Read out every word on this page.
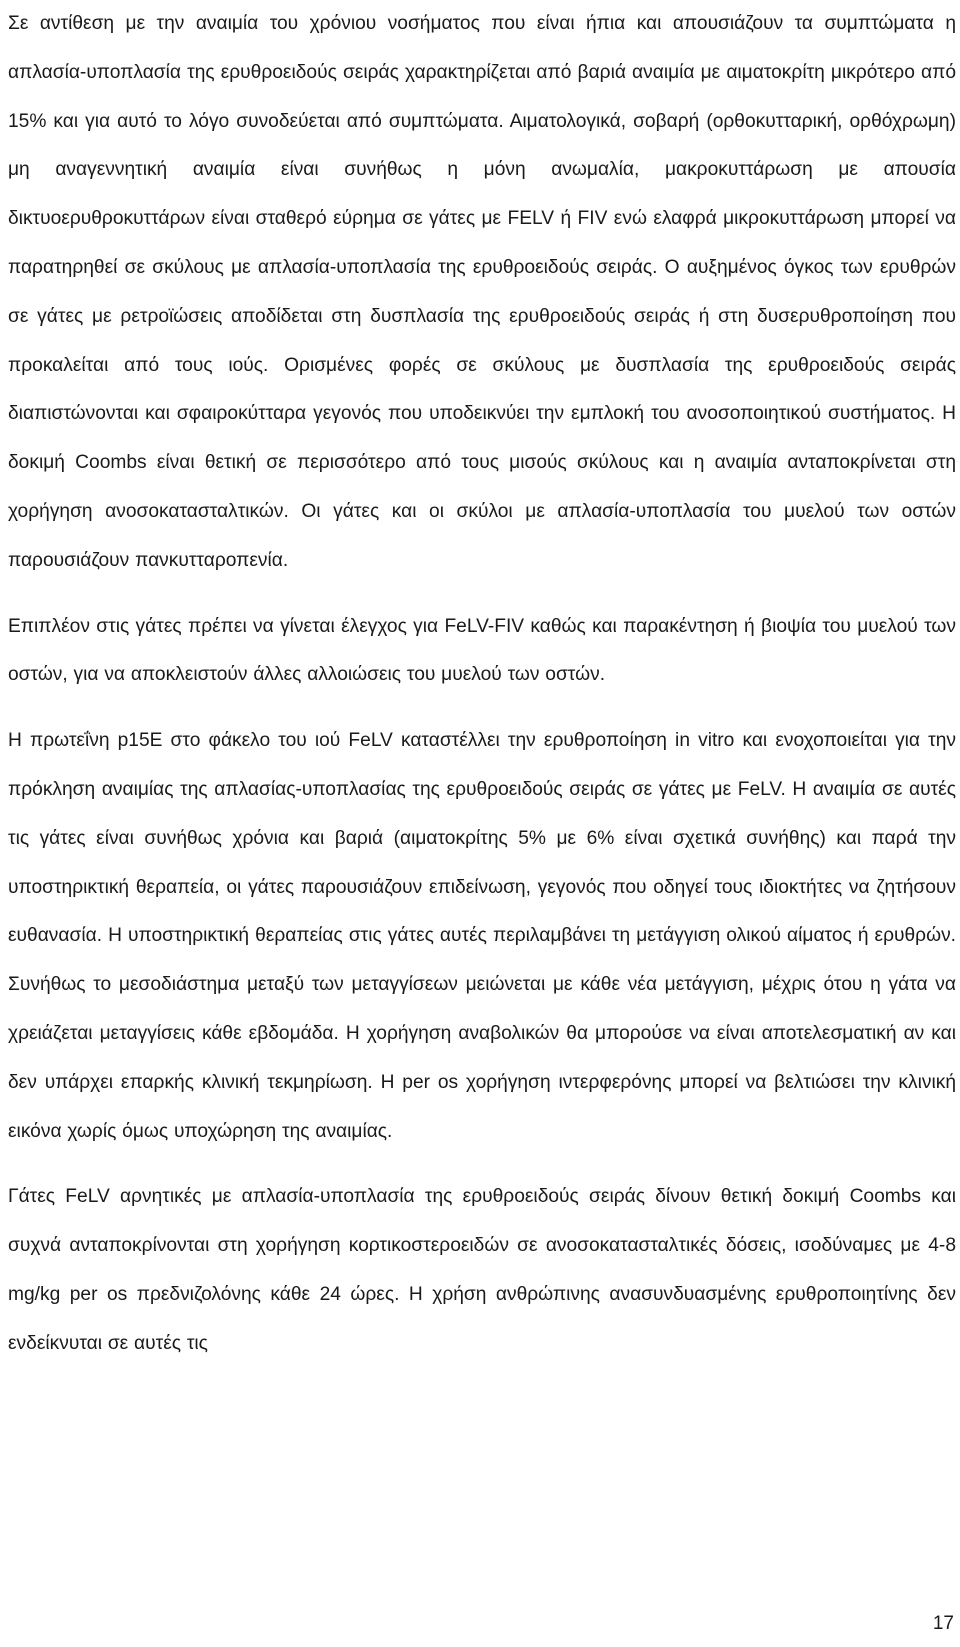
Σε αντίθεση με την αναιμία του χρόνιου νοσήματος που είναι ήπια και απουσιάζουν τα συμπτώματα η απλασία-υποπλασία της ερυθροειδούς σειράς χαρακτηρίζεται από βαριά αναιμία με αιματοκρίτη μικρότερο από 15% και για αυτό το λόγο συνοδεύεται από συμπτώματα. Αιματολογικά, σοβαρή (ορθοκυτταρική, ορθόχρωμη) μη αναγεννητική αναιμία είναι συνήθως η μόνη ανωμαλία, μακροκυττάρωση με απουσία δικτυοερυθροκυττάρων είναι σταθερό εύρημα σε γάτες με FELV ή FIV ενώ ελαφρά μικροκυττάρωση μπορεί να παρατηρηθεί σε σκύλους με απλασία-υποπλασία της ερυθροειδούς σειράς. Ο αυξημένος όγκος των ερυθρών σε γάτες με ρετροϊώσεις αποδίδεται στη δυσπλασία της ερυθροειδούς σειράς ή στη δυσερυθροποίηση που προκαλείται από τους ιούς. Ορισμένες φορές σε σκύλους με δυσπλασία της ερυθροειδούς σειράς διαπιστώνονται και σφαιροκύτταρα γεγονός που υποδεικνύει την εμπλοκή του ανοσοποιητικού συστήματος. Η δοκιμή Coombs είναι θετική σε περισσότερο από τους μισούς σκύλους και η αναιμία ανταποκρίνεται στη χορήγηση ανοσοκατασταλτικών. Οι γάτες και οι σκύλοι με απλασία-υποπλασία του μυελού των οστών παρουσιάζουν πανκυτταροπενία.

Επιπλέον στις γάτες πρέπει να γίνεται έλεγχος για FeLV-FIV καθώς και παρακέντηση ή βιοψία του μυελού των οστών, για να αποκλειστούν άλλες αλλοιώσεις του μυελού των οστών.

Η πρωτεΐνη p15E στο φάκελο του ιού FeLV καταστέλλει την ερυθροποίηση in vitro και ενοχοποιείται για την πρόκληση αναιμίας της απλασίας-υποπλασίας της ερυθροειδούς σειράς σε γάτες με FeLV. Η αναιμία σε αυτές τις γάτες είναι συνήθως χρόνια και βαριά (αιματοκρίτης 5% με 6% είναι σχετικά συνήθης) και παρά την υποστηρικτική θεραπεία, οι γάτες παρουσιάζουν επιδείνωση, γεγονός που οδηγεί τους ιδιοκτήτες να ζητήσουν ευθανασία. Η υποστηρικτική θεραπείας στις γάτες αυτές περιλαμβάνει τη μετάγγιση ολικού αίματος ή ερυθρών. Συνήθως το μεσοδιάστημα μεταξύ των μεταγγίσεων μειώνεται με κάθε νέα μετάγγιση, μέχρις ότου η γάτα να χρειάζεται μεταγγίσεις κάθε εβδομάδα. Η χορήγηση αναβολικών θα μπορούσε να είναι αποτελεσματική αν και δεν υπάρχει επαρκής κλινική τεκμηρίωση. Η per os χορήγηση ιντερφερόνης μπορεί να βελτιώσει την κλινική εικόνα χωρίς όμως υποχώρηση της αναιμίας.

Γάτες FeLV αρνητικές με απλασία-υποπλασία της ερυθροειδούς σειράς δίνουν θετική δοκιμή Coombs και συχνά ανταποκρίνονται στη χορήγηση κορτικοστεροειδών σε ανοσοκατασταλτικές δόσεις, ισοδύναμες με 4-8 mg/kg per os πρεδνιζολόνης κάθε 24 ώρες. Η χρήση ανθρώπινης ανασυνδυασμένης ερυθροποιητίνης δεν ενδείκνυται σε αυτές τις

17
